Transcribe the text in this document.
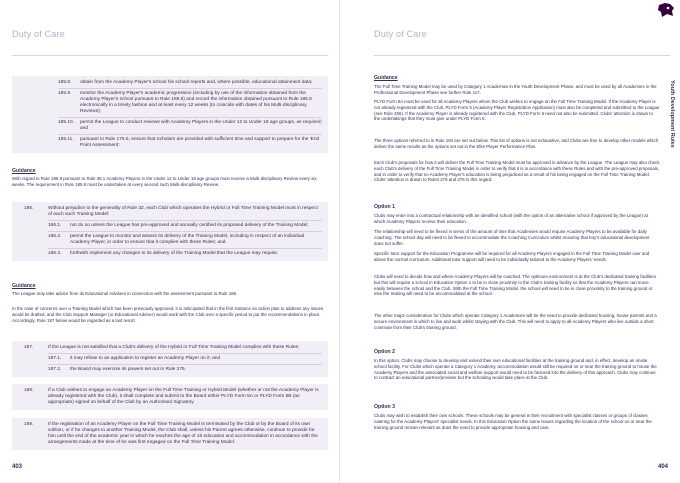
Duty of Care
185.8.	obtain from the Academy Player's school his school reports and, where possible, educational attainment data;
185.9.	monitor the Academy Player's academic progression (including by use of the information obtained from the Academy Player's school pursuant to Rule 185.8) and record the information obtained pursuant to Rule 185.8 electronically in a timely fashion and at least every 12 weeks (to coincide with dates of his Multi-disciplinary Reviews);
185.10.	permit the League to conduct reviews with Academy Players in the Under 12 to Under 18 age groups, as required; and
185.11.	pursuant to Rule 175.5, ensure that Scholars are provided with sufficient time and support to prepare for the 'End Point Assessment'.
Guidance
With regard to Rule 185.9 pursuant to Rule 36.1 Academy Players in the Under 12 to Under 18 age groups must receive a Multi-disciplinary Review every six weeks. The requirement in Rule 185.9 must be undertaken at every second such Multi-disciplinary Review.
186.	Without prejudice to the generality of Rule 32, each Club which operates the Hybrid or Full Time Training Model must in respect of each such Training Model:
186.1.	not do so unless the League has pre-approved and annually certified its proposed delivery of the Training Model;
186.2.	permit the League to monitor and assess its delivery of the Training Model, including in respect of an individual Academy Player, in order to ensure that it complies with these Rules; and
186.3.	forthwith implement any changes to its delivery of the Training Model that the League may require.
Guidance
The League may take advice from its Educational Advisers in connection with the assessment pursuant to Rule 186.
In the case of concerns over a Training Model which has been previously approved, it is anticipated that in the first instance an action plan to address any issues would be drafted, and the Club Support Manager (or Educational Adviser) would work with the Club over a specific period to put the recommendations in place. Accordingly, Rule 187 below would be regarded as a last resort.
187.	If the League is not satisfied that a Club's delivery of the Hybrid or Full Time Training Model complies with these Rules:
187.1.	it may refuse to an application to register an Academy Player on it; and
187.2.	the Board may exercise its powers set out in Rule 276.
188.	If a Club wishes to engage an Academy Player on the Full Time Training or Hybrid Model (whether or not the Academy Player is already registered with the Club), it shall complete and submit to the Board either PLYD Form 5A or PLYD Form 5B (as appropriate) signed on behalf of the Club by an Authorised Signatory.
189.	If the registration of an Academy Player on the Full Time Training Model is terminated by the Club or by the Board of its own volition, or if he changes to another Training Model, the Club shall, unless his Parent agrees otherwise, continue to provide for him until the end of the academic year in which he reaches the age of 16 education and accommodation in accordance with the arrangements made at the time of he was first engaged on the Full Time Training Model.
403
Duty of Care
Youth Development Rules
Guidance
The Full Time Training Model may be used by Category 1 Academies in the Youth Development Phase, and must be used by all Academies in the Professional Development Phase see further Rule 117.
PLYD Form 5A must be used for all Academy Players whom the Club wishes to engage on the Full Time Training Model. If the Academy Player is not already registered with the Club, PLYD Form 5 (Academy Player Registration Application) must also be completed and submitted to the League (see Rule 256). If the Academy Player is already registered with the Club, PLYD Form 5 need not also be submitted. Clubs' attention is drawn to the undertakings that they must give under PLYD Form 5.
The three options referred to in Rule 184 are set out below. This list of options is not exhaustive, and Clubs are free to develop other models which deliver the same results as the options set out in the Elite Player Performance Plan.
Each Club's proposals for how it will deliver the Full Time Training Model must be approved in advance by the League. The League may also check each Club's delivery of the Full Time Training Model in order to verify that it is in accordance with these Rules and with the pre-approved proposals, and in order to verify that no Academy Player's education is being prejudiced as a result of his being engaged on the Full Time Training Model. Clubs' attention is drawn to Rules 275 and 276 in this regard.
Option 1
Clubs may enter into a contractual relationship with an identified school (with the option of an alternative school if approved by the League) at which Academy Players receive their education.
The relationship will need to be flexed in terms of the amount of time that Academies would require Academy Players to be available for daily coaching. The school day will need to be flexed to accommodate the Coaching Curriculum whilst ensuring that boy's educational development does not suffer.
Specific tutor support for the Education Programme will be required for all Academy Players engaged in the Full Time Training Model over and above the normal curriculum. Additional tutor support will need to be individually tailored to the Academy Players' needs.
Clubs will need to decide how and where Academy Players will be coached. The optimum environment is at the Club's dedicated training facilities but this will require a school in Education Option 1 to be in close proximity to the Club's training facility so that the Academy Players can move easily between the school and the Club. With the Full Time Training Model, the school will need to be in close proximity to the training ground or else the training will need to be accommodated at the school.
The other major consideration for Clubs which operate Category 1 Academies will be the need to provide dedicated housing, house parents and a secure environment in which to live and work whilst staying with the Club. This will need to apply to all Academy Players who live outside a short commute from their Club's training ground.
Option 2
In this option, Clubs may choose to develop and extend their own educational facilities at the training ground and, in effect, develop an onsite school facility. For Clubs which operate a Category 1 Academy, accommodation would still be required on or near the training ground to house the Academy Players and the associated social and welfare support would need to be factored into the delivery of this approach. Clubs may continue to contract an educational partner/provider but the schooling would take place at the Club.
Option 3
Clubs may wish to establish their own schools. These schools may be general in their recruitment with specialist classes or groups of classes catering for the Academy Players' specialist needs. In this Education Option the same issues regarding the location of the school on or near the training ground remain relevant as does the need to provide appropriate housing and care.
404
